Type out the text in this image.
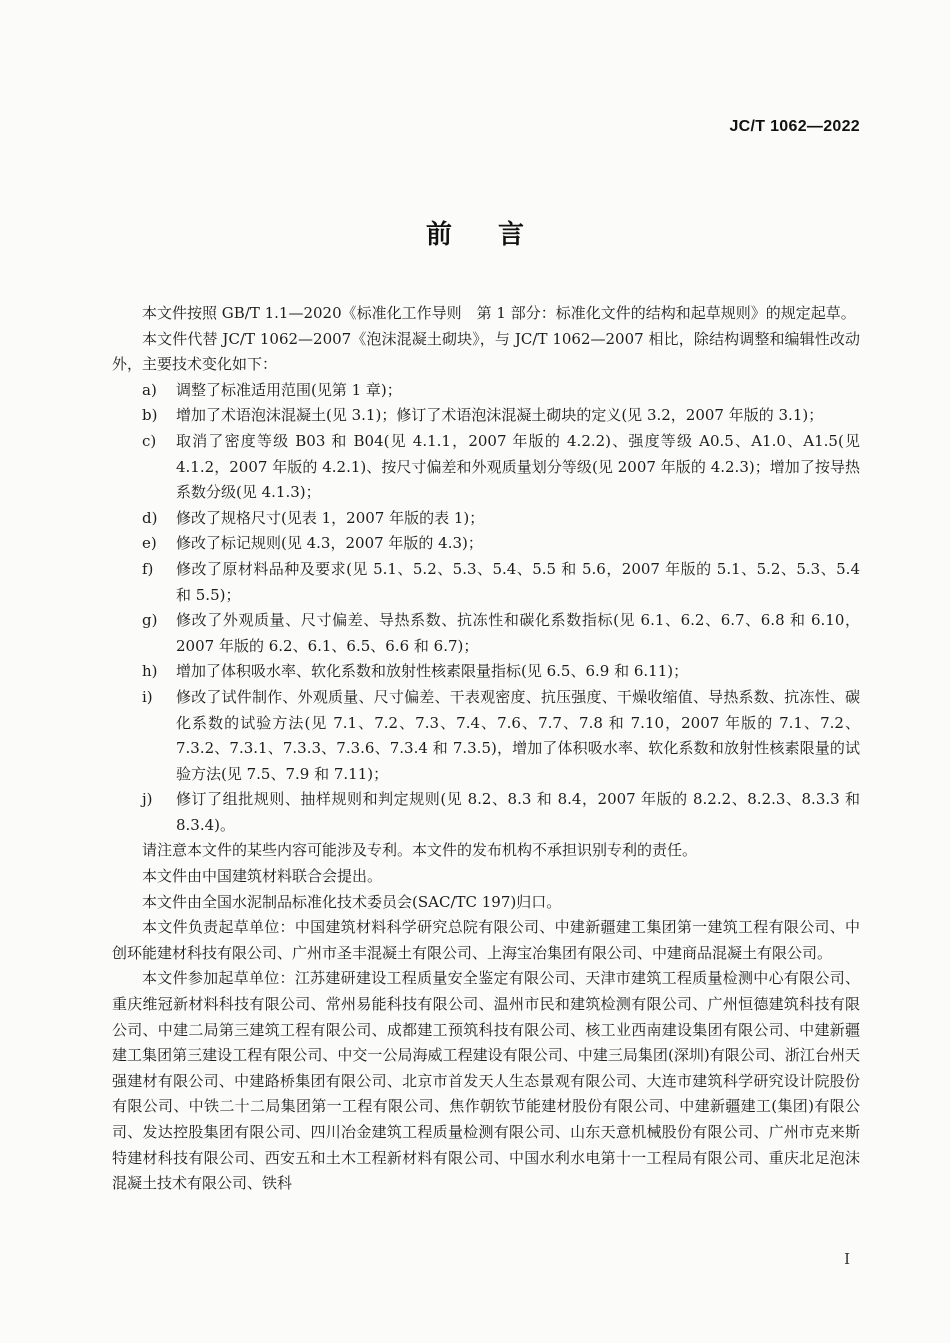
JC/T 1062—2022
前言

本文件按照 GB/T 1.1—2020《标准化工作导则　第 1 部分：标准化文件的结构和起草规则》的规定起草。

本文件代替 JC/T 1062—2007《泡沫混凝土砌块》，与 JC/T 1062—2007 相比，除结构调整和编辑性改动外，主要技术变化如下：

a)	调整了标准适用范围(见第 1 章)；
b)	增加了术语泡沫混凝土(见 3.1)；修订了术语泡沫混凝土砌块的定义(见 3.2，2007 年版的 3.1)；
c)	取消了密度等级 B03 和 B04(见 4.1.1，2007 年版的 4.2.2)、强度等级 A0.5、A1.0、A1.5(见 4.1.2，2007 年版的 4.2.1)、按尺寸偏差和外观质量划分等级(见 2007 年版的 4.2.3)；增加了按导热系数分级(见 4.1.3)；
d)	修改了规格尺寸(见表 1，2007 年版的表 1)；
e)	修改了标记规则(见 4.3，2007 年版的 4.3)；
f)	修改了原材料品种及要求(见 5.1、5.2、5.3、5.4、5.5 和 5.6，2007 年版的 5.1、5.2、5.3、5.4 和 5.5)；
g)	修改了外观质量、尺寸偏差、导热系数、抗冻性和碳化系数指标(见 6.1、6.2、6.7、6.8 和 6.10，2007 年版的 6.2、6.1、6.5、6.6 和 6.7)；
h)	增加了体积吸水率、软化系数和放射性核素限量指标(见 6.5、6.9 和 6.11)；
i)	修改了试件制作、外观质量、尺寸偏差、干表观密度、抗压强度、干燥收缩值、导热系数、抗冻性、碳化系数的试验方法(见 7.1、7.2、7.3、7.4、7.6、7.7、7.8 和 7.10，2007 年版的 7.1、7.2、7.3.2、7.3.1、7.3.3、7.3.6、7.3.4 和 7.3.5)，增加了体积吸水率、软化系数和放射性核素限量的试验方法(见 7.5、7.9 和 7.11)；
j)	修订了组批规则、抽样规则和判定规则(见 8.2、8.3 和 8.4，2007 年版的 8.2.2、8.2.3、8.3.3 和 8.3.4)。

请注意本文件的某些内容可能涉及专利。本文件的发布机构不承担识别专利的责任。

本文件由中国建筑材料联合会提出。

本文件由全国水泥制品标准化技术委员会(SAC/TC 197)归口。

本文件负责起草单位：中国建筑材料科学研究总院有限公司、中建新疆建工集团第一建筑工程有限公司、中创环能建材科技有限公司、广州市圣丰混凝土有限公司、上海宝冶集团有限公司、中建商品混凝土有限公司。

本文件参加起草单位：江苏建研建设工程质量安全鉴定有限公司、天津市建筑工程质量检测中心有限公司、重庆维冠新材料科技有限公司、常州易能科技有限公司、温州市民和建筑检测有限公司、广州恒德建筑科技有限公司、中建二局第三建筑工程有限公司、成都建工预筑科技有限公司、核工业西南建设集团有限公司、中建新疆建工集团第三建设工程有限公司、中交一公局海威工程建设有限公司、中建三局集团(深圳)有限公司、浙江台州天强建材有限公司、中建路桥集团有限公司、北京市首发天人生态景观有限公司、大连市建筑科学研究设计院股份有限公司、中铁二十二局集团第一工程有限公司、焦作朝钦节能建材股份有限公司、中建新疆建工(集团)有限公司、发达控股集团有限公司、四川冶金建筑工程质量检测有限公司、山东天意机械股份有限公司、广州市克来斯特建材科技有限公司、西安五和土木工程新材料有限公司、中国水利水电第十一工程局有限公司、重庆北足泡沫混凝土技术有限公司、铁科

I
